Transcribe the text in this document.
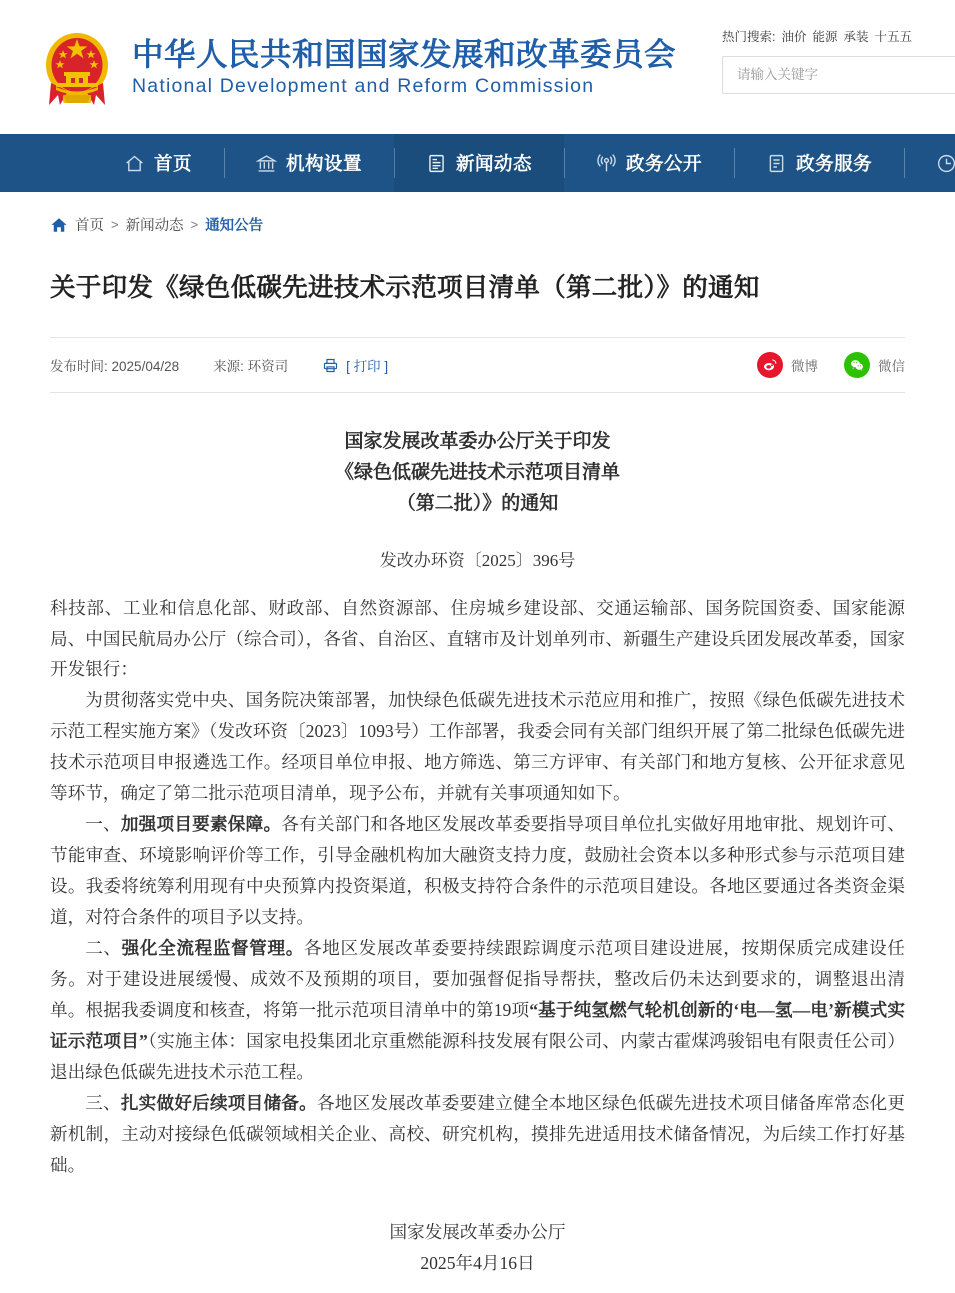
中华人民共和国国家发展和改革委员会
National Development and Reform Commission
热门搜索: 油价 能源 承装 十五五
请输入关键字
首页	机构设置	新闻动态	政务公开	政务服务
首页 > 新闻动态 > 通知公告
关于印发《绿色低碳先进技术示范项目清单（第二批）》的通知
发布时间: 2025/04/28	来源: 环资司	[ 打印 ]	微博	微信
国家发展改革委办公厅关于印发
《绿色低碳先进技术示范项目清单
（第二批）》的通知
发改办环资〔2025〕396号

科技部、工业和信息化部、财政部、自然资源部、住房城乡建设部、交通运输部、国务院国资委、国家能源局、中国民航局办公厅（综合司），各省、自治区、直辖市及计划单列市、新疆生产建设兵团发展改革委，国家开发银行：

为贯彻落实党中央、国务院决策部署，加快绿色低碳先进技术示范应用和推广，按照《绿色低碳先进技术示范工程实施方案》（发改环资〔2023〕1093号）工作部署，我委会同有关部门组织开展了第二批绿色低碳先进技术示范项目申报遴选工作。经项目单位申报、地方筛选、第三方评审、有关部门和地方复核、公开征求意见等环节，确定了第二批示范项目清单，现予公布，并就有关事项通知如下。

一、加强项目要素保障。各有关部门和各地区发展改革委要指导项目单位扎实做好用地审批、规划许可、节能审查、环境影响评价等工作，引导金融机构加大融资支持力度，鼓励社会资本以多种形式参与示范项目建设。我委将统筹利用现有中央预算内投资渠道，积极支持符合条件的示范项目建设。各地区要通过各类资金渠道，对符合条件的项目予以支持。

二、强化全流程监督管理。各地区发展改革委要持续跟踪调度示范项目建设进展，按期保质完成建设任务。对于建设进展缓慢、成效不及预期的项目，要加强督促指导帮扶，整改后仍未达到要求的，调整退出清单。根据我委调度和核查，将第一批示范项目清单中的第19项“基于纯氢燃气轮机创新的‘电—氢—电’新模式实证示范项目”（实施主体：国家电投集团北京重燃能源科技发展有限公司、内蒙古霍煤鸿骏铝电有限责任公司）退出绿色低碳先进技术示范工程。

三、扎实做好后续项目储备。各地区发展改革委要建立健全本地区绿色低碳先进技术项目储备库常态化更新机制，主动对接绿色低碳领域相关企业、高校、研究机构，摸排先进适用技术储备情况，为后续工作打好基础。

国家发展改革委办公厅
2025年4月16日
